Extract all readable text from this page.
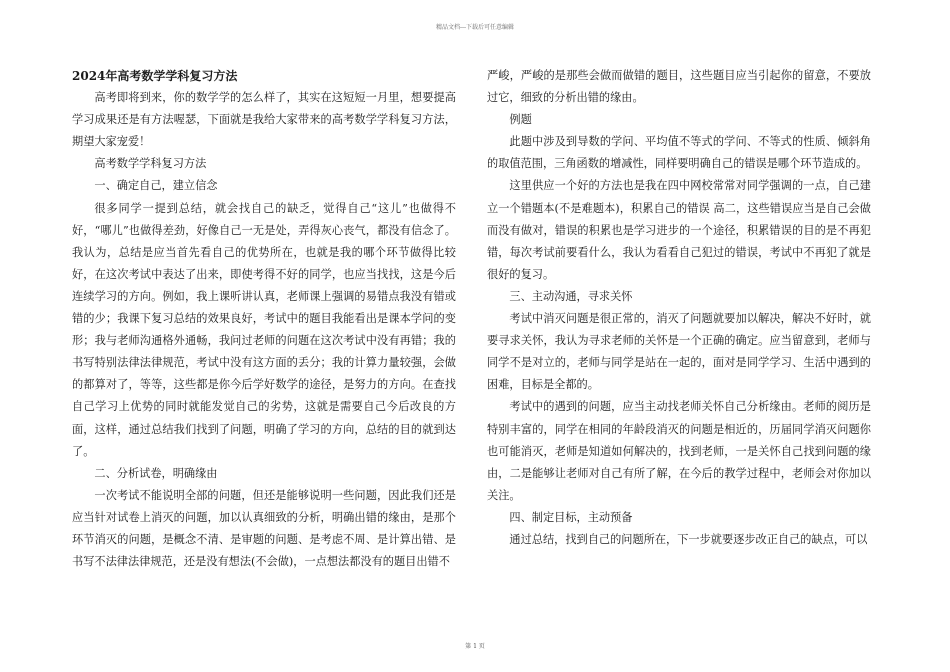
精品文档---下载后可任意编辑

2024年高考数学学科复习方法

高考即将到来，你的数学学的怎么样了，其实在这短短一月里，想要提高学习成果还是有方法喔瑟，下面就是我给大家带来的高考数学学科复习方法，期望大家宠爱！

高考数学学科复习方法

一、确定自己，建立信念

很多同学一提到总结，就会找自己的缺乏，觉得自己“这儿”也做得不好，“哪儿”也做得差劲，好像自己一无是处，弄得灰心丧气，都没有信念了。我认为，总结是应当首先看自己的优势所在，也就是我的哪个环节做得比较好，在这次考试中表达了出来，即使考得不好的同学，也应当找找，这是今后连续学习的方向。例如，我上课听讲认真，老师课上强调的易错点我没有错或错的少；我课下复习总结的效果良好，考试中的题目我能看出是课本学问的变形；我与老师沟通格外通畅，我问过老师的问题在这次考试中没有再错；我的书写特别法律法律规范，考试中没有这方面的丢分；我的计算力量较强，会做的都算对了，等等，这些都是你今后学好数学的途径，是努力的方向。在查找自己学习上优势的同时就能发觉自己的劣势，这就是需要自己今后改良的方面，这样，通过总结我们找到了问题，明确了学习的方向，总结的目的就到达了。

二、分析试卷，明确缘由

一次考试不能说明全部的问题，但还是能够说明一些问题，因此我们还是应当针对试卷上消灭的问题，加以认真细致的分析，明确出错的缘由，是那个环节消灭的问题，是概念不清、是审题的问题、是考虑不周、是计算出错、是书写不法律法律规范，还是没有想法(不会做)，一点想法都没有的题目出错不

严峻，严峻的是那些会做而做错的题目，这些题目应当引起你的留意，不要放过它，细致的分析出错的缘由。

例题

此题中涉及到导数的学问、平均值不等式的学问、不等式的性质、倾斜角的取值范围，三角函数的增减性，同样要明确自己的错误是哪个环节造成的。

这里供应一个好的方法也是我在四中网校常常对同学强调的一点，自己建立一个错题本(不是难题本)，积累自己的错误 高二，这些错误应当是自己会做而没有做对，错误的积累也是学习进步的一个途径，积累错误的目的是不再犯错，每次考试前要看什么，我认为看看自己犯过的错误，考试中不再犯了就是很好的复习。

三、主动沟通，寻求关怀

考试中消灭问题是很正常的，消灭了问题就要加以解决，解决不好时，就要寻求关怀，我认为寻求老师的关怀是一个正确的确定。应当留意到，老师与同学不是对立的，老师与同学是站在一起的，面对是同学学习、生活中遇到的困难，目标是全都的。

考试中的遇到的问题，应当主动找老师关怀自己分析缘由。老师的阅历是特别丰富的，同学在相同的年龄段消灭的问题是相近的，历届同学消灭问题你也可能消灭，老师是知道如何解决的，找到老师，一是关怀自己找到问题的缘由，二是能够让老师对自己有所了解，在今后的教学过程中，老师会对你加以关注。

四、制定目标，主动预备

通过总结，找到自己的问题所在，下一步就要逐步改正自己的缺点，可以

第 1 页
